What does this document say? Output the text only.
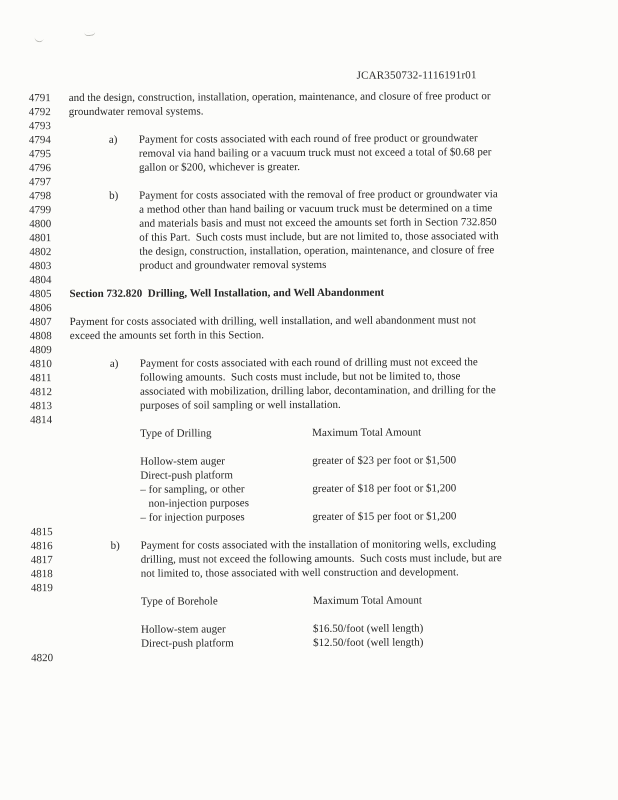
JCAR350732-1116191r01
4791	and the design, construction, installation, operation, maintenance, and closure of free product or
4792	groundwater removal systems.
4793
4794	a)	Payment for costs associated with each round of free product or groundwater
4795	removal via hand bailing or a vacuum truck must not exceed a total of $0.68 per
4796	gallon or $200, whichever is greater.
4797
4798	b)	Payment for costs associated with the removal of free product or groundwater via
4799	a method other than hand bailing or vacuum truck must be determined on a time
4800	and materials basis and must not exceed the amounts set forth in Section 732.850
4801	of this Part.  Such costs must include, but are not limited to, those associated with
4802	the design, construction, installation, operation, maintenance, and closure of free
4803	product and groundwater removal systems
4804
4805	Section 732.820  Drilling, Well Installation, and Well Abandonment
4806
4807	Payment for costs associated with drilling, well installation, and well abandonment must not
4808	exceed the amounts set forth in this Section.
4809
4810	a)	Payment for costs associated with each round of drilling must not exceed the
4811	following amounts.  Such costs must include, but not be limited to, those
4812	associated with mobilization, drilling labor, decontamination, and drilling for the
4813	purposes of soil sampling or well installation.
4814
Type of Drilling	Maximum Total Amount
Hollow-stem auger	greater of $23 per foot or $1,500
Direct-push platform
– for sampling, or other	greater of $18 per foot or $1,200
non-injection purposes
– for injection purposes	greater of $15 per foot or $1,200
4815
4816	b)	Payment for costs associated with the installation of monitoring wells, excluding
4817	drilling, must not exceed the following amounts.  Such costs must include, but are
4818	not limited to, those associated with well construction and development.
4819
Type of Borehole	Maximum Total Amount
Hollow-stem auger	$16.50/foot (well length)
Direct-push platform	$12.50/foot (well length)
4820
